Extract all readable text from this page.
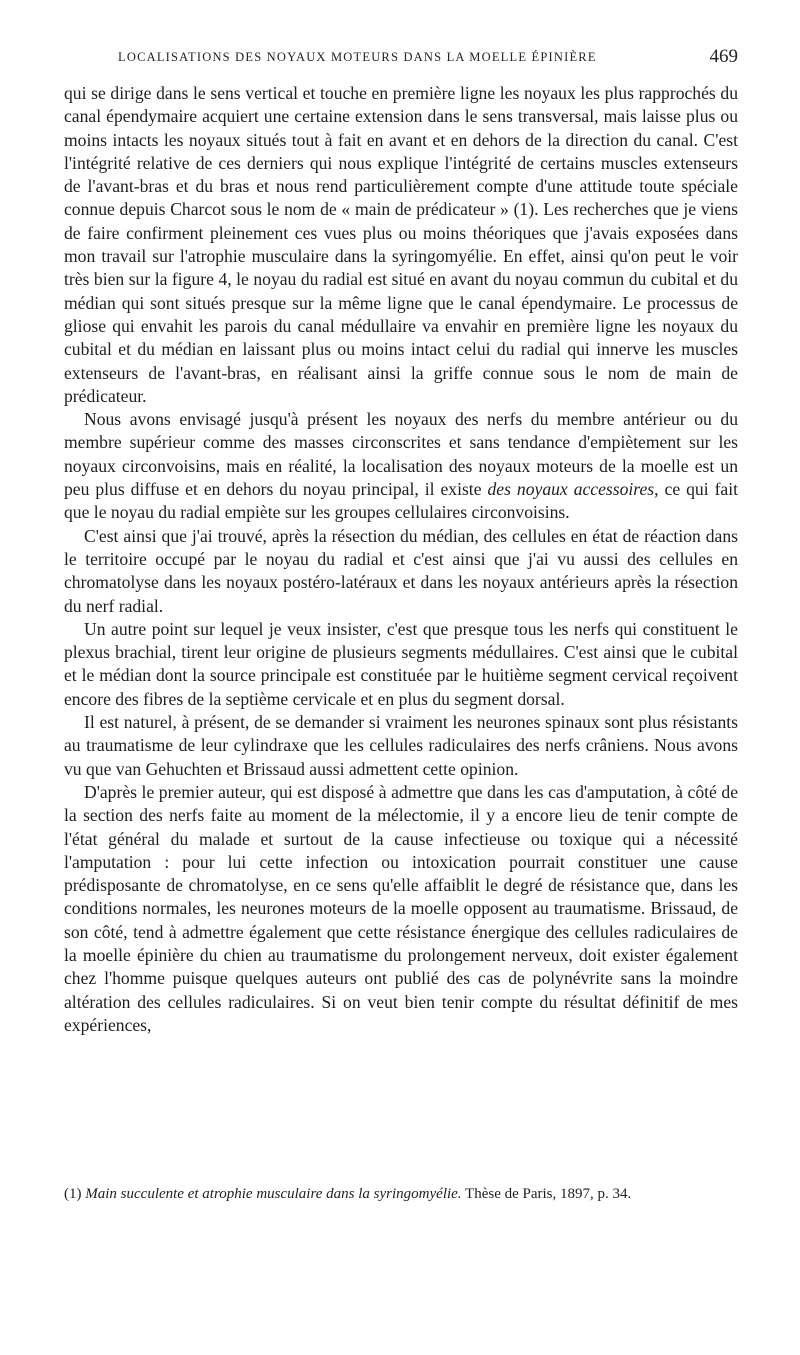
LOCALISATIONS DES NOYAUX MOTEURS DANS LA MOELLE ÉPINIÈRE	469

qui se dirige dans le sens vertical et touche en première ligne les noyaux les plus rapprochés du canal épendymaire acquiert une certaine extension dans le sens transversal, mais laisse plus ou moins intacts les noyaux situés tout à fait en avant et en dehors de la direction du canal. C'est l'intégrité relative de ces derniers qui nous explique l'intégrité de certains muscles extenseurs de l'avant-bras et du bras et nous rend particulièrement compte d'une attitude toute spéciale connue depuis Charcot sous le nom de « main de prédicateur » (1). Les recherches que je viens de faire confirment pleinement ces vues plus ou moins théoriques que j'avais exposées dans mon travail sur l'atrophie musculaire dans la syringomyélie. En effet, ainsi qu'on peut le voir très bien sur la figure 4, le noyau du radial est situé en avant du noyau commun du cubital et du médian qui sont situés presque sur la même ligne que le canal épendymaire. Le processus de gliose qui envahit les parois du canal médullaire va envahir en première ligne les noyaux du cubital et du médian en laissant plus ou moins intact celui du radial qui innerve les muscles extenseurs de l'avant-bras, en réalisant ainsi la griffe connue sous le nom de main de prédicateur.

Nous avons envisagé jusqu'à présent les noyaux des nerfs du membre antérieur ou du membre supérieur comme des masses circonscrites et sans tendance d'empiètement sur les noyaux circonvoisins, mais en réalité, la localisation des noyaux moteurs de la moelle est un peu plus diffuse et en dehors du noyau principal, il existe des noyaux accessoires, ce qui fait que le noyau du radial empiète sur les groupes cellulaires circonvoisins.

C'est ainsi que j'ai trouvé, après la résection du médian, des cellules en état de réaction dans le territoire occupé par le noyau du radial et c'est ainsi que j'ai vu aussi des cellules en chromatolyse dans les noyaux postéro-latéraux et dans les noyaux antérieurs après la résection du nerf radial.

Un autre point sur lequel je veux insister, c'est que presque tous les nerfs qui constituent le plexus brachial, tirent leur origine de plusieurs segments médullaires. C'est ainsi que le cubital et le médian dont la source principale est constituée par le huitième segment cervical reçoivent encore des fibres de la septième cervicale et en plus du segment dorsal.

Il est naturel, à présent, de se demander si vraiment les neurones spinaux sont plus résistants au traumatisme de leur cylindraxe que les cellules radiculaires des nerfs crâniens. Nous avons vu que van Gehuchten et Brissaud aussi admettent cette opinion.

D'après le premier auteur, qui est disposé à admettre que dans les cas d'amputation, à côté de la section des nerfs faite au moment de la mélectomie, il y a encore lieu de tenir compte de l'état général du malade et surtout de la cause infectieuse ou toxique qui a nécessité l'amputation : pour lui cette infection ou intoxication pourrait constituer une cause prédisposante de chromatolyse, en ce sens qu'elle affaiblit le degré de résistance que, dans les conditions normales, les neurones moteurs de la moelle opposent au traumatisme. Brissaud, de son côté, tend à admettre également que cette résistance énergique des cellules radiculaires de la moelle épinière du chien au traumatisme du prolongement nerveux, doit exister également chez l'homme puisque quelques auteurs ont publié des cas de polynévrite sans la moindre altération des cellules radiculaires. Si on veut bien tenir compte du résultat définitif de mes expériences,

(1) Main succulente et atrophie musculaire dans la syringomyélie. Thèse de Paris, 1897, p. 34.
